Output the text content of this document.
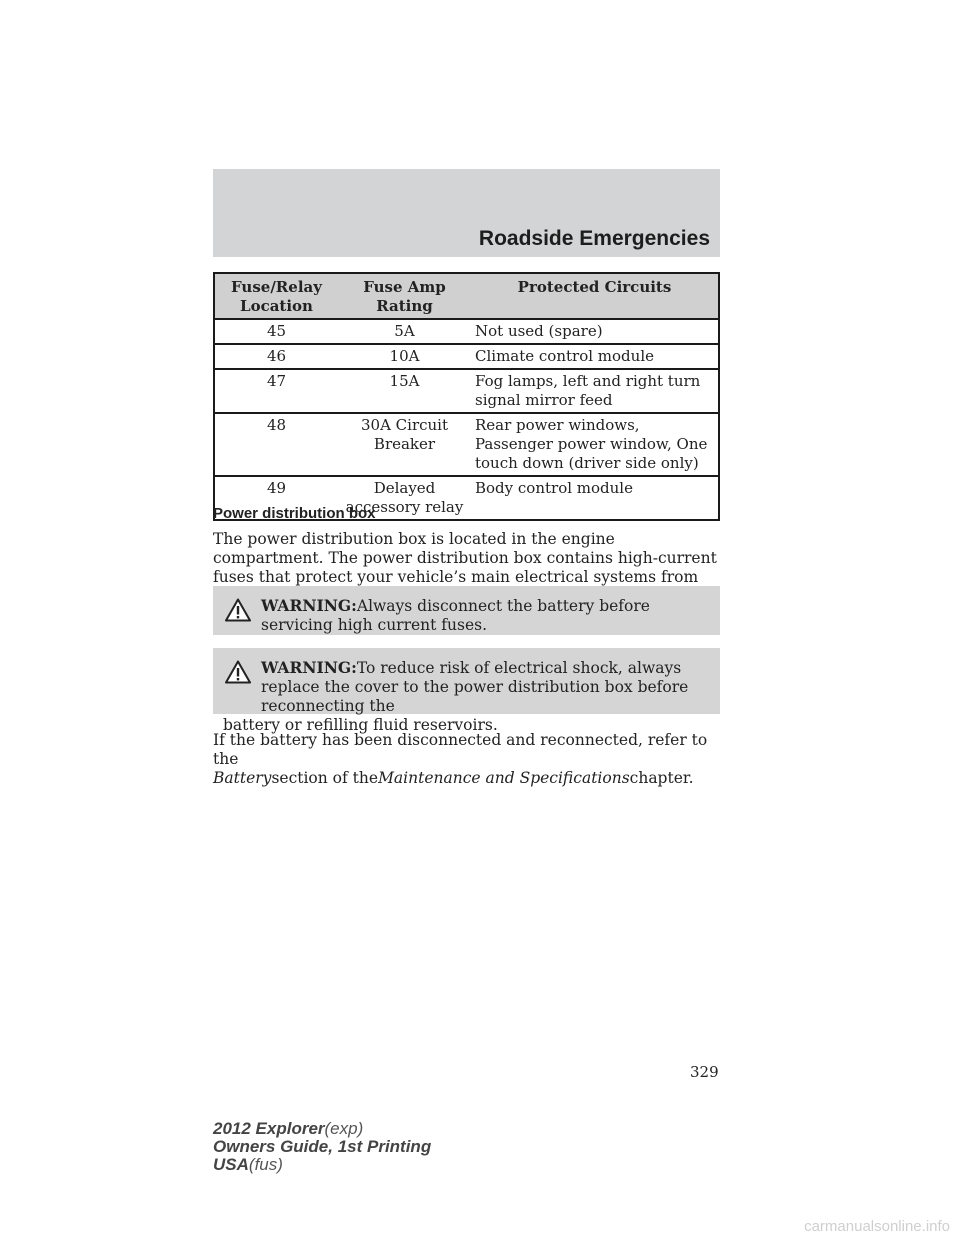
Roadside Emergencies
Fuse/Relay Location	Fuse Amp Rating	Protected Circuits
45	5A	Not used (spare)
46	10A	Climate control module
47	15A	Fog lamps, left and right turn signal mirror feed
48	30A Circuit Breaker	Rear power windows, Passenger power window, One touch down (driver side only)
49	Delayed accessory relay	Body control module
Power distribution box
The power distribution box is located in the engine compartment. The power distribution box contains high-current fuses that protect your vehicle’s main electrical systems from
WARNING:Always disconnect the battery before servicing high current fuses.
WARNING:To reduce risk of electrical shock, always replace the cover to the power distribution box before reconnecting the
battery or refilling fluid reservoirs.
If the battery has been disconnected and reconnected, refer to the
Batterysection of theMaintenance and Specificationschapter.
329
2012 Explorer(exp)
Owners Guide, 1st Printing
USA(fus)
carmanualsonline.info
